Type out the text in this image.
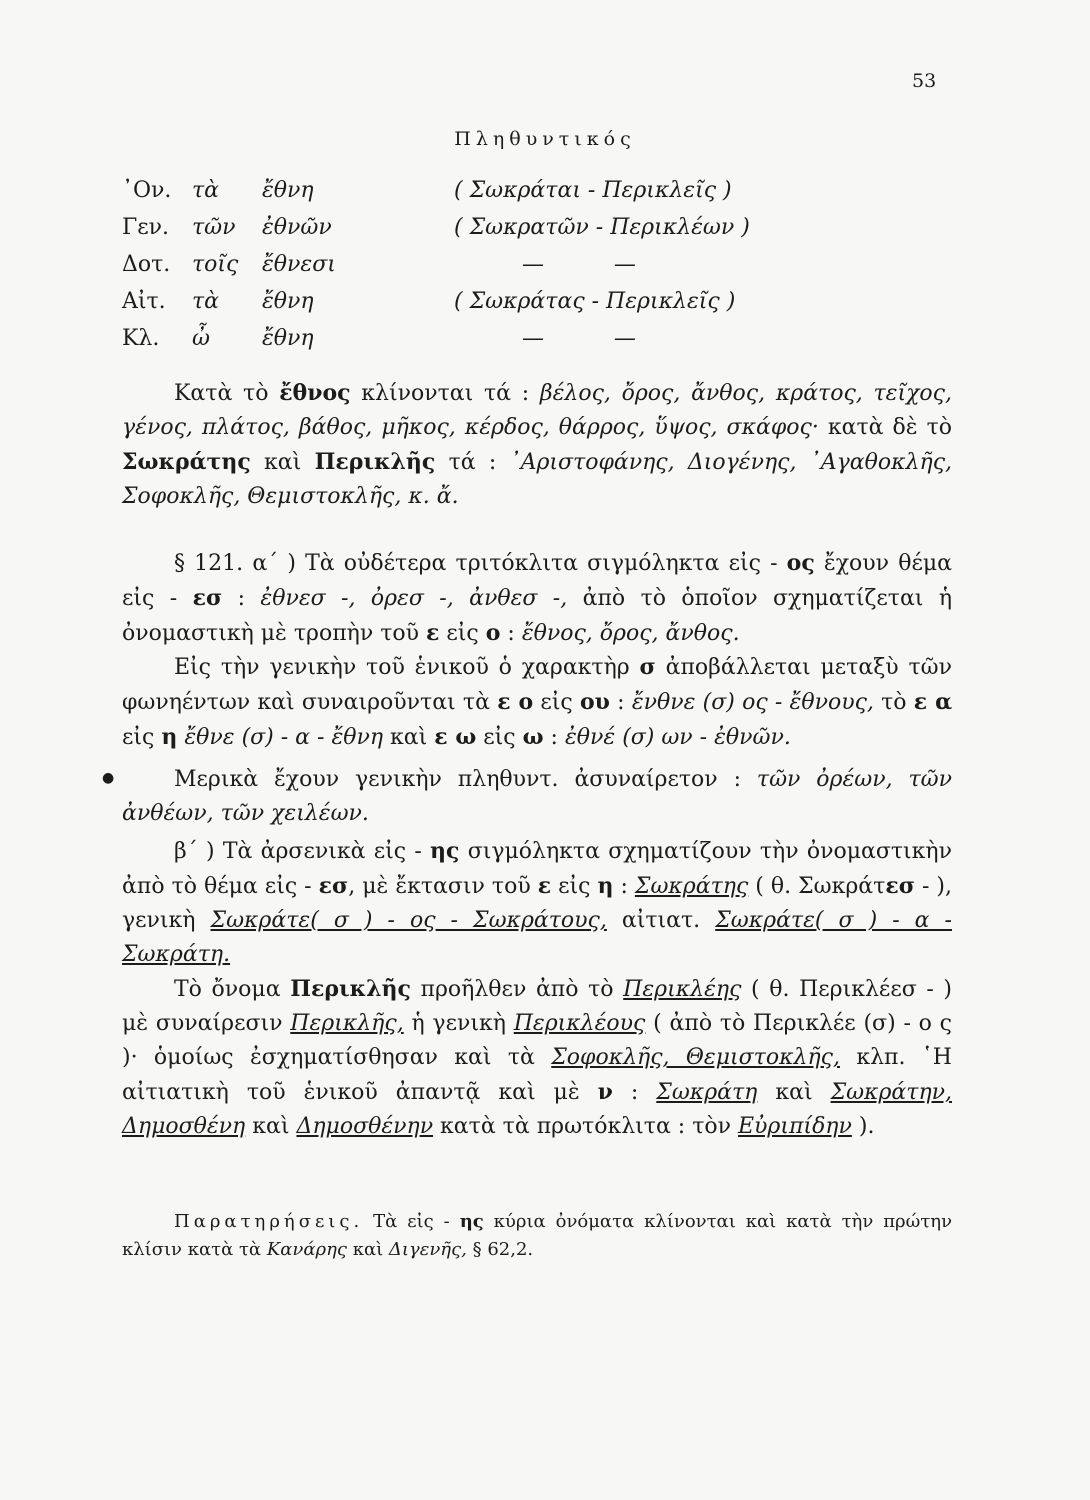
53
Πληθυντικός
᾿Ον. τὰ ἔθνη	( Σωκράται - Περικλεῖς )
Γεν. τῶν ἐθνῶν	( Σωκρατῶν - Περικλέων )
Δοτ. τοῖς ἔθνεσι	—          —
Αἰτ. τὰ ἔθνη	( Σωκράτας - Περικλεῖς )
Κλ. ὦ ἔθνη	—          —

Κατὰ τὸ ἔθνος κλίνονται τά : βέλος, ὄρος, ἄνθος, κράτος, τεῖχος, γένος, πλάτος, βάθος, μῆκος, κέρδος, θάρρος, ὕψος, σκάφος· κατὰ δὲ τὸ Σωκράτης καὶ Περικλῆς τά : ᾿Αριστοφάνης, Διογένης, ᾿Αγαθοκλῆς, Σοφοκλῆς, Θεμιστοκλῆς, κ. ἄ.

§ 121. α΄ ) Τὰ οὐδέτερα τριτόκλιτα σιγμόληκτα εἰς - ος ἔχουν θέμα εἰς - εσ : ἐθνεσ -, ὀρεσ -, ἀνθεσ -, ἀπὸ τὸ ὁποῖον σχηματίζεται ἡ ὀνομαστικὴ μὲ τροπὴν τοῦ ε εἰς ο : ἔθνος, ὄρος, ἄνθος.

Εἰς τὴν γενικὴν τοῦ ἑνικοῦ ὁ χαρακτὴρ σ ἀποβάλλεται μεταξὺ τῶν φωνηέντων καὶ συναιροῦνται τὰ ε ο εἰς ου : ἔνθνε (σ) ος - ἔθνους, τὸ ε α εἰς η ἔθνε (σ) - α - ἔθνη καὶ ε ω εἰς ω : ἐθνέ (σ) ων - ἐθνῶν.

●	Μερικὰ ἔχουν γενικὴν πληθυντ. ἀσυναίρετον : τῶν ὀρέων, τῶν ἀνθέων, τῶν χειλέων.

β΄ ) Τὰ ἀρσενικὰ εἰς - ης σιγμόληκτα σχηματίζουν τὴν ὀνομαστικὴν ἀπὸ τὸ θέμα εἰς - εσ, μὲ ἔκτασιν τοῦ ε εἰς η : Σωκράτης ( θ. Σωκράτεσ - ), γενικὴ Σωκράτε( σ ) - ος - Σωκράτους, αἰτιατ. Σωκράτε( σ ) - α - Σωκράτη.

Τὸ ὄνομα Περικλῆς προῆλθεν ἀπὸ τὸ Περικλέης ( θ. Περικλέεσ - ) μὲ συναίρεσιν Περικλῆς, ἡ γενικὴ Περικλέους ( ἀπὸ τὸ Περικλέε (σ) - ο ς )· ὁμοίως ἐσχηματίσθησαν καὶ τὰ Σοφοκλῆς, Θεμιστοκλῆς, κλπ. ῾Η αἰτιατικὴ τοῦ ἑνικοῦ ἀπαντᾷ καὶ μὲ ν : Σωκράτη καὶ Σωκράτην, Δημοσθένη καὶ Δημοσθένην κατὰ τὰ πρωτόκλιτα : τὸν Εὐριπίδην ).

Παρατηρήσεις. Τὰ εἰς - ης κύρια ὀνόματα κλίνονται καὶ κατὰ τὴν πρώτην κλίσιν κατὰ τὰ Κανάρης καὶ Διγενῆς, § 62,2.
